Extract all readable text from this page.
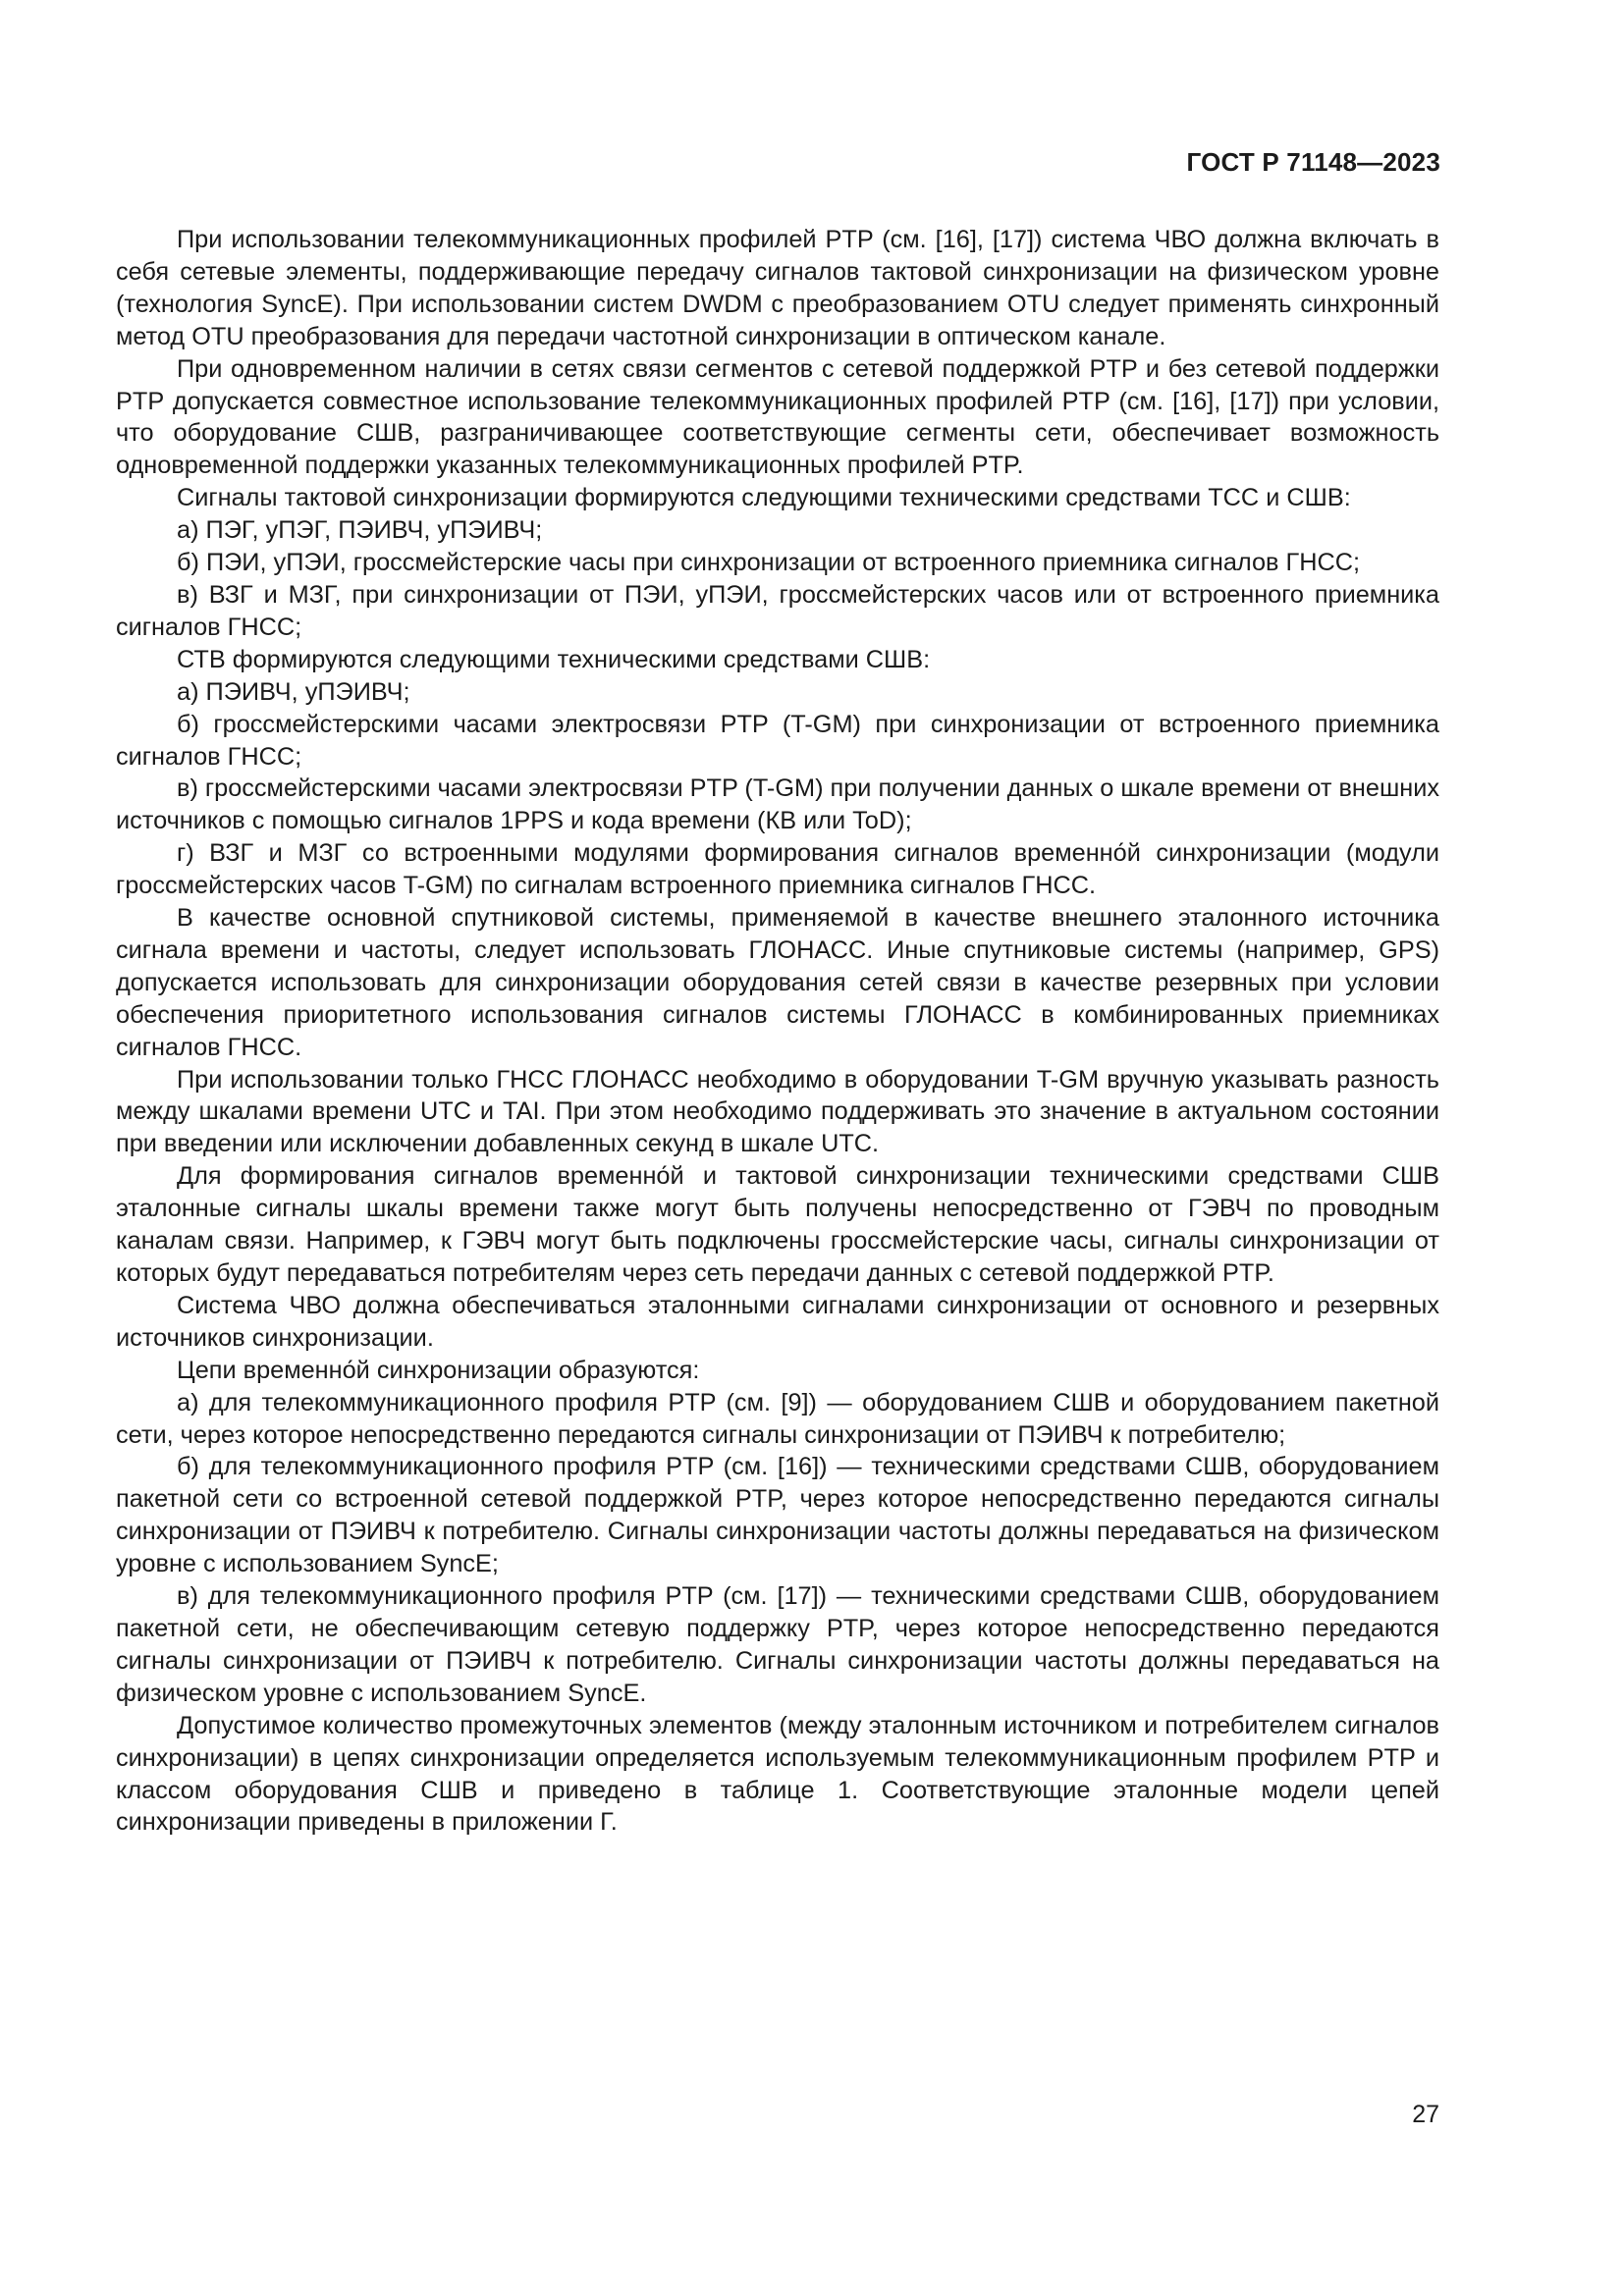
ГОСТ Р 71148—2023

При использовании телекоммуникационных профилей PTP (см. [16], [17]) система ЧВО должна включать в себя сетевые элементы, поддерживающие передачу сигналов тактовой синхронизации на физическом уровне (технология SyncE). При использовании систем DWDM с преобразованием OTU следует применять синхронный метод OTU преобразования для передачи частотной синхронизации в оптическом канале.

При одновременном наличии в сетях связи сегментов с сетевой поддержкой PTP и без сетевой поддержки PTP допускается совместное использование телекоммуникационных профилей PTP (см. [16], [17]) при условии, что оборудование СШВ, разграничивающее соответствующие сегменты сети, обеспечивает возможность одновременной поддержки указанных телекоммуникационных профилей PTP.

Сигналы тактовой синхронизации формируются следующими техническими средствами ТСС и СШВ:

а) ПЭГ, уПЭГ, ПЭИВЧ, уПЭИВЧ;

б) ПЭИ, уПЭИ, гроссмейстерские часы при синхронизации от встроенного приемника сигналов ГНСС;

в) ВЗГ и МЗГ, при синхронизации от ПЭИ, уПЭИ, гроссмейстерских часов или от встроенного приемника сигналов ГНСС;

СТВ формируются следующими техническими средствами СШВ:

а) ПЭИВЧ, уПЭИВЧ;

б) гроссмейстерскими часами электросвязи PTP (T-GM) при синхронизации от встроенного приемника сигналов ГНСС;

в) гроссмейстерскими часами электросвязи PTP (T-GM) при получении данных о шкале времени от внешних источников с помощью сигналов 1PPS и кода времени (КВ или ToD);

г) ВЗГ и МЗГ со встроенными модулями формирования сигналов временно́й синхронизации (модули гроссмейстерских часов T-GM) по сигналам встроенного приемника сигналов ГНСС.

В качестве основной спутниковой системы, применяемой в качестве внешнего эталонного источника сигнала времени и частоты, следует использовать ГЛОНАСС. Иные спутниковые системы (например, GPS) допускается использовать для синхронизации оборудования сетей связи в качестве резервных при условии обеспечения приоритетного использования сигналов системы ГЛОНАСС в комбинированных приемниках сигналов ГНСС.

При использовании только ГНСС ГЛОНАСС необходимо в оборудовании T-GM вручную указывать разность между шкалами времени UTC и TAI. При этом необходимо поддерживать это значение в актуальном состоянии при введении или исключении добавленных секунд в шкале UTC.

Для формирования сигналов временно́й и тактовой синхронизации техническими средствами СШВ эталонные сигналы шкалы времени также могут быть получены непосредственно от ГЭВЧ по проводным каналам связи. Например, к ГЭВЧ могут быть подключены гроссмейстерские часы, сигналы синхронизации от которых будут передаваться потребителям через сеть передачи данных с сетевой поддержкой PTP.

Система ЧВО должна обеспечиваться эталонными сигналами синхронизации от основного и резервных источников синхронизации.

Цепи временно́й синхронизации образуются:

а) для телекоммуникационного профиля PTP (см. [9]) — оборудованием СШВ и оборудованием пакетной сети, через которое непосредственно передаются сигналы синхронизации от ПЭИВЧ к потребителю;

б) для телекоммуникационного профиля PTP (см. [16]) — техническими средствами СШВ, оборудованием пакетной сети со встроенной сетевой поддержкой PTP, через которое непосредственно передаются сигналы синхронизации от ПЭИВЧ к потребителю. Сигналы синхронизации частоты должны передаваться на физическом уровне с использованием SyncE;

в) для телекоммуникационного профиля PTP (см. [17]) — техническими средствами СШВ, оборудованием пакетной сети, не обеспечивающим сетевую поддержку PTP, через которое непосредственно передаются сигналы синхронизации от ПЭИВЧ к потребителю. Сигналы синхронизации частоты должны передаваться на физическом уровне с использованием SyncE.

Допустимое количество промежуточных элементов (между эталонным источником и потребителем сигналов синхронизации) в цепях синхронизации определяется используемым телекоммуникационным профилем PTP и классом оборудования СШВ и приведено в таблице 1. Соответствующие эталонные модели цепей синхронизации приведены в приложении Г.

27
